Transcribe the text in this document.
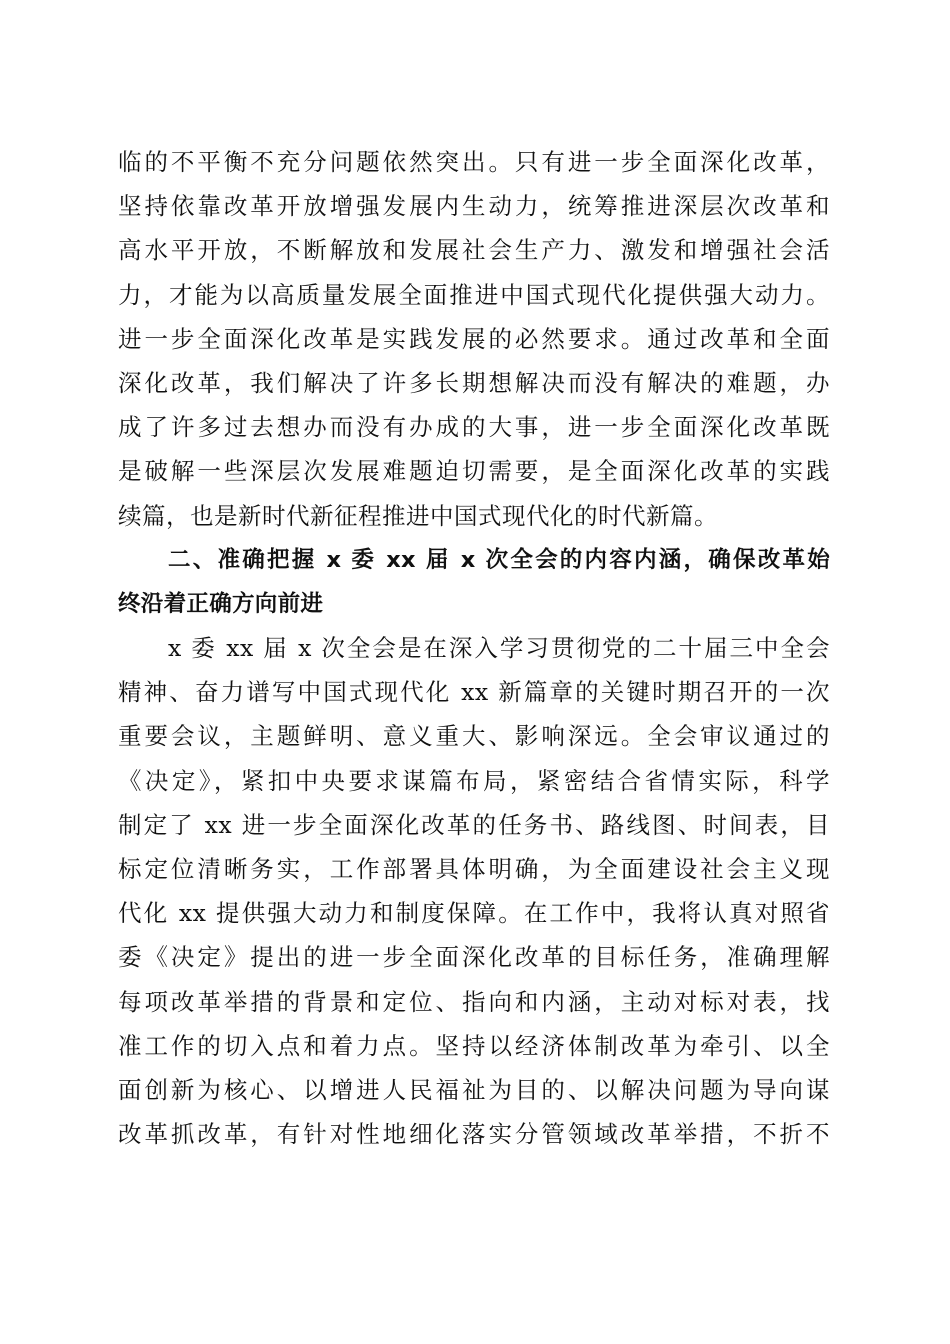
临的不平衡不充分问题依然突出。只有进一步全面深化改革，
坚持依靠改革开放增强发展内生动力，统筹推进深层次改革和
高水平开放，不断解放和发展社会生产力、激发和增强社会活
力，才能为以高质量发展全面推进中国式现代化提供强大动力。
进一步全面深化改革是实践发展的必然要求。通过改革和全面
深化改革，我们解决了许多长期想解决而没有解决的难题，办
成了许多过去想办而没有办成的大事，进一步全面深化改革既
是破解一些深层次发展难题迫切需要，是全面深化改革的实践
续篇，也是新时代新征程推进中国式现代化的时代新篇。
二、准确把握 x 委 xx 届 x 次全会的内容内涵，确保改革始
终沿着正确方向前进
x 委 xx 届 x 次全会是在深入学习贯彻党的二十届三中全会
精神、奋力谱写中国式现代化 xx 新篇章的关键时期召开的一次
重要会议，主题鲜明、意义重大、影响深远。全会审议通过的
《决定》，紧扣中央要求谋篇布局，紧密结合省情实际，科学
制定了 xx 进一步全面深化改革的任务书、路线图、时间表，目
标定位清晰务实，工作部署具体明确，为全面建设社会主义现
代化 xx 提供强大动力和制度保障。在工作中，我将认真对照省
委《决定》提出的进一步全面深化改革的目标任务，准确理解
每项改革举措的背景和定位、指向和内涵，主动对标对表，找
准工作的切入点和着力点。坚持以经济体制改革为牵引、以全
面创新为核心、以增进人民福祉为目的、以解决问题为导向谋
改革抓改革，有针对性地细化落实分管领域改革举措，不折不
